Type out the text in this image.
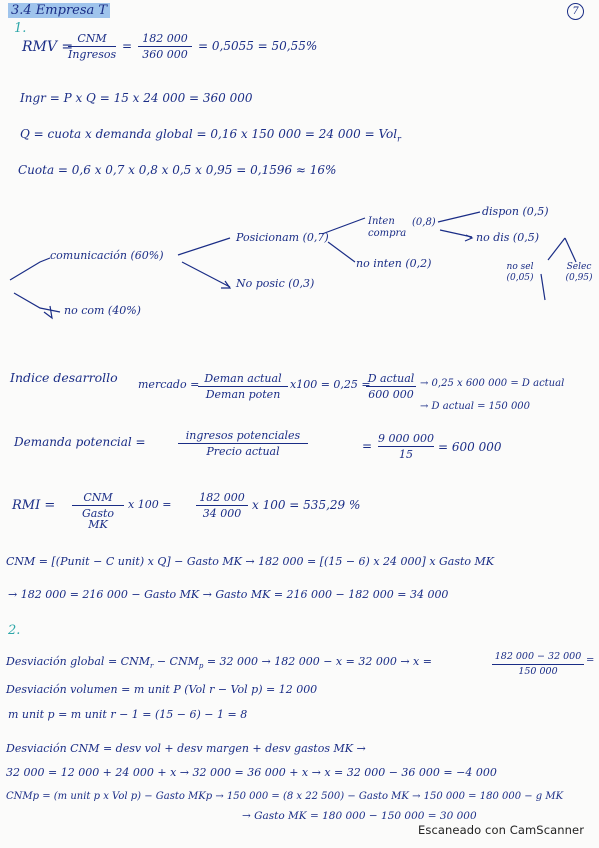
3.4 Empresa T	7
1.
RMV =
CNM
Ingresos
= $\frac{182 000}{360 000} = 0,5055 = 50,55\%$
Ingr = P x Q = 15 x 24 000 = 360 000
Q = cuota x demanda global = 0,16 x 150 000 = 24 000 = Vol$_r$
Cuota = 0,6 x 0,7 x 0,8 x 0,5 x 0,95 = 0,1596 ≈ 16%
comunicación (60%)
no com (40%)
Posicionam (0,7)
No posic (0,3)
Inten compra
(0,8)
no inten (0,2)
dispon (0,5)
no dis (0,5)
no sel (0,05)
Selec (0,95)
Indice desarrollo mercado = Deman actual
Deman poten
x100 = 0,25 =
D actual
600 000
→ 0,25 x 600 000 = D actual
→ D actual = 150 000
Demanda potencial =	ingresos potenciales
Precio actual	= $\frac{9 000 000}{15} = 600$ 000
RMI =
CNM
Gasto MK
x $100 = \frac{182 000}{34 000}$ x 100 = 535,29 %
CNM = [(Punit − C unit) x Q] − Gasto MK → 182 000 = [(15 − 6) x 24 000] x Gasto MK
→ 182 000 = 216 000 − Gasto MK → Gasto MK = 216 000 − 182 000 = 34 000
2.
Desviación global = $CNM_r - CNM_p = 32$ 000 → 182 000 − x = 32 000 → x =	$\frac{182 000 - 32 000}{150 000}$ =
Desviación volumen = m unit P (Vol r − Vol p) = 12 000
m unit p = m unit r − 1 = (15 − 6) − 1 = 8
Desviación CNM = desv vol + desv margen + desv gastos MK →
32 000 = 12 000 + 24 000 + x → 32 000 = 36 000 + x → x = 32 000 − 36 000 = −4 000
CNMp = (m unit p x Vol p) − Gasto MKp → 150 000 = (8 x 22 500) − Gasto MK → 150 000 = 180 000 − g MK
→ Gasto MK = 180 000 − 150 000 = 30 000
Escaneado con CamScanner
